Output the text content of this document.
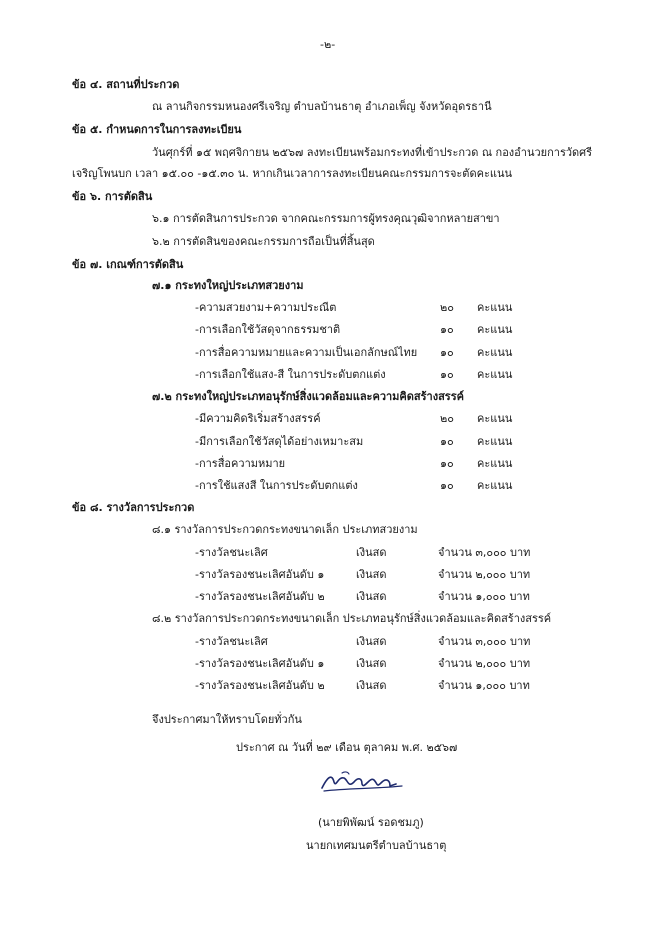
-๒-
ข้อ ๔. สถานที่ประกวด
ณ ลานกิจกรรมหนองศรีเจริญ ตำบลบ้านธาตุ อำเภอเพ็ญ จังหวัดอุดรธานี
ข้อ ๕. กำหนดการในการลงทะเบียน
วันศุกร์ที่ ๑๕ พฤศจิกายน ๒๕๖๗ ลงทะเบียนพร้อมกระทงที่เข้าประกวด ณ กองอำนวยการวัดศรี
เจริญโพนบก เวลา ๑๕.๐๐ -๑๕.๓๐ น. หากเกินเวลาการลงทะเบียนคณะกรรมการจะตัดคะแนน
ข้อ ๖. การตัดสิน
๖.๑ การตัดสินการประกวด จากคณะกรรมการผู้ทรงคุณวุฒิจากหลายสาขา
๖.๒ การตัดสินของคณะกรรมการถือเป็นที่สิ้นสุด
ข้อ ๗. เกณฑ์การตัดสิน
๗.๑ กระทงใหญ่ประเภทสวยงาม
-ความสวยงาม+ความประณีต	๒๐ คะแนน
-การเลือกใช้วัสดุจากธรรมชาติ	๑๐ คะแนน
-การสื่อความหมายและความเป็นเอกลักษณ์ไทย ๑๐ คะแนน
-การเลือกใช้แสง-สี ในการประดับตกแต่ง	๑๐ คะแนน
๗.๒ กระทงใหญ่ประเภทอนุรักษ์สิ่งแวดล้อมและความคิดสร้างสรรค์
-มีความคิดริเริ่มสร้างสรรค์	๒๐ คะแนน
-มีการเลือกใช้วัสดุได้อย่างเหมาะสม	๑๐ คะแนน
-การสื่อความหมาย	๑๐ คะแนน
-การใช้แสงสี ในการประดับตกแต่ง	๑๐ คะแนน
ข้อ ๘. รางวัลการประกวด
๘.๑ รางวัลการประกวดกระทงขนาดเล็ก ประเภทสวยงาม
-รางวัลชนะเลิศ	เงินสด	จำนวน ๓,๐๐๐ บาท
-รางวัลรองชนะเลิศอันดับ ๑	เงินสด	จำนวน ๒,๐๐๐ บาท
-รางวัลรองชนะเลิศอันดับ ๒	เงินสด	จำนวน ๑,๐๐๐ บาท
๘.๒ รางวัลการประกวดกระทงขนาดเล็ก ประเภทอนุรักษ์สิ่งแวดล้อมและคิดสร้างสรรค์
-รางวัลชนะเลิศ	เงินสด	จำนวน ๓,๐๐๐ บาท
-รางวัลรองชนะเลิศอันดับ ๑	เงินสด	จำนวน ๒,๐๐๐ บาท
-รางวัลรองชนะเลิศอันดับ ๒	เงินสด	จำนวน ๑,๐๐๐ บาท
จึงประกาศมาให้ทราบโดยทั่วกัน
ประกาศ ณ วันที่ ๒๙ เดือน ตุลาคม พ.ศ. ๒๕๖๗
(นายพิพัฒน์ รอดชมภู)
นายกเทศมนตรีตำบลบ้านธาตุ
